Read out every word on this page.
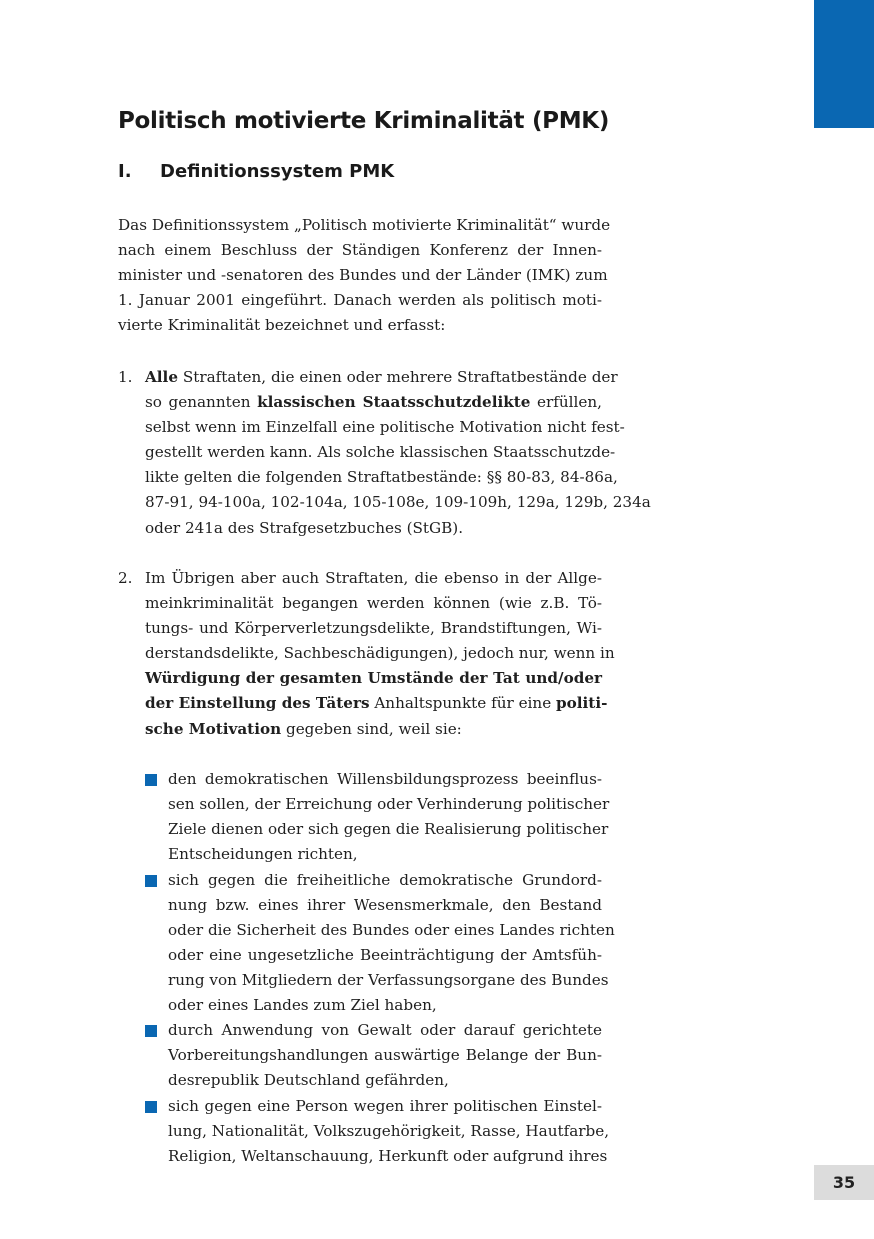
Politisch motivierte Kriminalität (PMK)
I. Definitionssystem PMK
Das Definitionssystem „Politisch motivierte Kriminalität“ wurde
nach einem Beschluss der Ständigen Konferenz der Innen-
minister und -senatoren des Bundes und der Länder (IMK) zum
1. Januar 2001 eingeführt. Danach werden als politisch moti-
vierte Kriminalität bezeichnet und erfasst:
1. Alle Straftaten, die einen oder mehrere Straftatbestände der
so genannten klassischen Staatsschutzdelikte erfüllen,
selbst wenn im Einzelfall eine politische Motivation nicht fest-
gestellt werden kann. Als solche klassischen Staatsschutzde-
likte gelten die folgenden Straftatbestände: §§ 80-83, 84-86a,
87-91, 94-100a, 102-104a, 105-108e, 109-109h, 129a, 129b, 234a
oder 241a des Strafgesetzbuches (StGB).
2. Im Übrigen aber auch Straftaten, die ebenso in der Allge-
meinkriminalität begangen werden können (wie z.B. Tö-
tungs- und Körperverletzungsdelikte, Brandstiftungen, Wi-
derstandsdelikte, Sachbeschädigungen), jedoch nur, wenn in
Würdigung der gesamten Umstände der Tat und/oder
der Einstellung des Täters Anhaltspunkte für eine politi-
sche Motivation gegeben sind, weil sie:
den demokratischen Willensbildungsprozess beeinflus-
sen sollen, der Erreichung oder Verhinderung politischer
Ziele dienen oder sich gegen die Realisierung politischer
Entscheidungen richten,
sich gegen die freiheitliche demokratische Grundord-
nung bzw. eines ihrer Wesensmerkmale, den Bestand
oder die Sicherheit des Bundes oder eines Landes richten
oder eine ungesetzliche Beeinträchtigung der Amtsfüh-
rung von Mitgliedern der Verfassungsorgane des Bundes
oder eines Landes zum Ziel haben,
durch Anwendung von Gewalt oder darauf gerichtete
Vorbereitungshandlungen auswärtige Belange der Bun-
desrepublik Deutschland gefährden,
sich gegen eine Person wegen ihrer politischen Einstel-
lung, Nationalität, Volkszugehörigkeit, Rasse, Hautfarbe,
Religion, Weltanschauung, Herkunft oder aufgrund ihres
35
